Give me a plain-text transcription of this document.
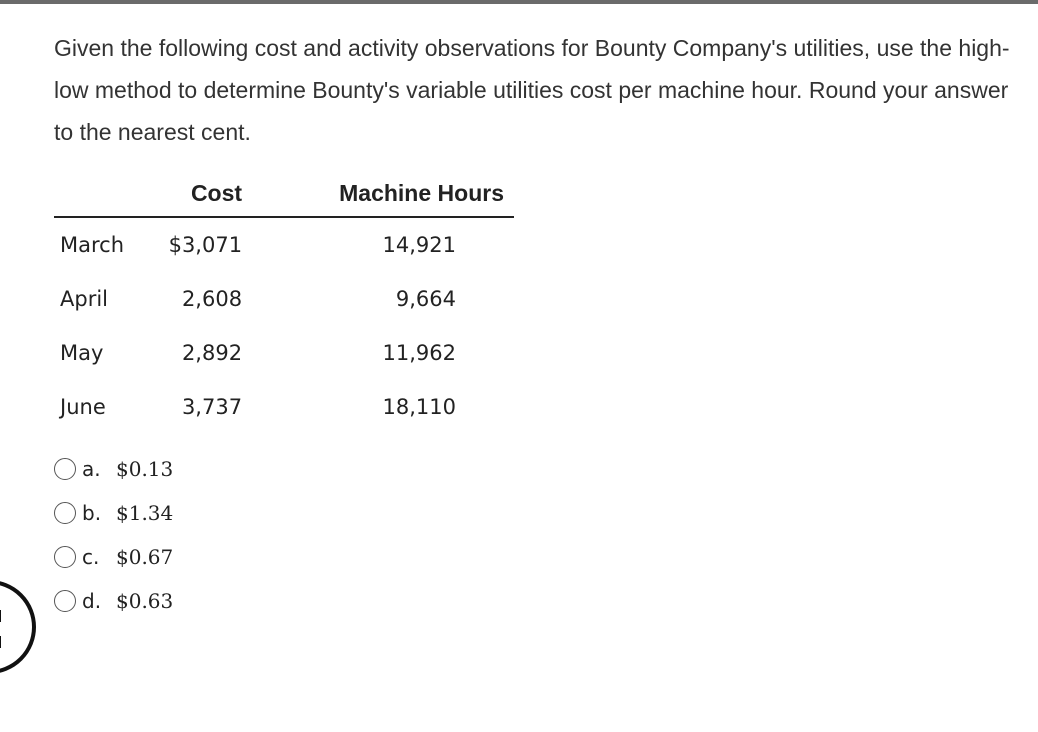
Given the following cost and activity observations for Bounty Company's utilities, use the high-low method to determine Bounty's variable utilities cost per machine hour. Round your answer to the nearest cent.

	Cost	Machine Hours
March	$3,071	14,921
April	2,608	9,664
May	2,892	11,962
June	3,737	18,110
a. $0.13
b. $1.34
c. $0.67
d. $0.63
